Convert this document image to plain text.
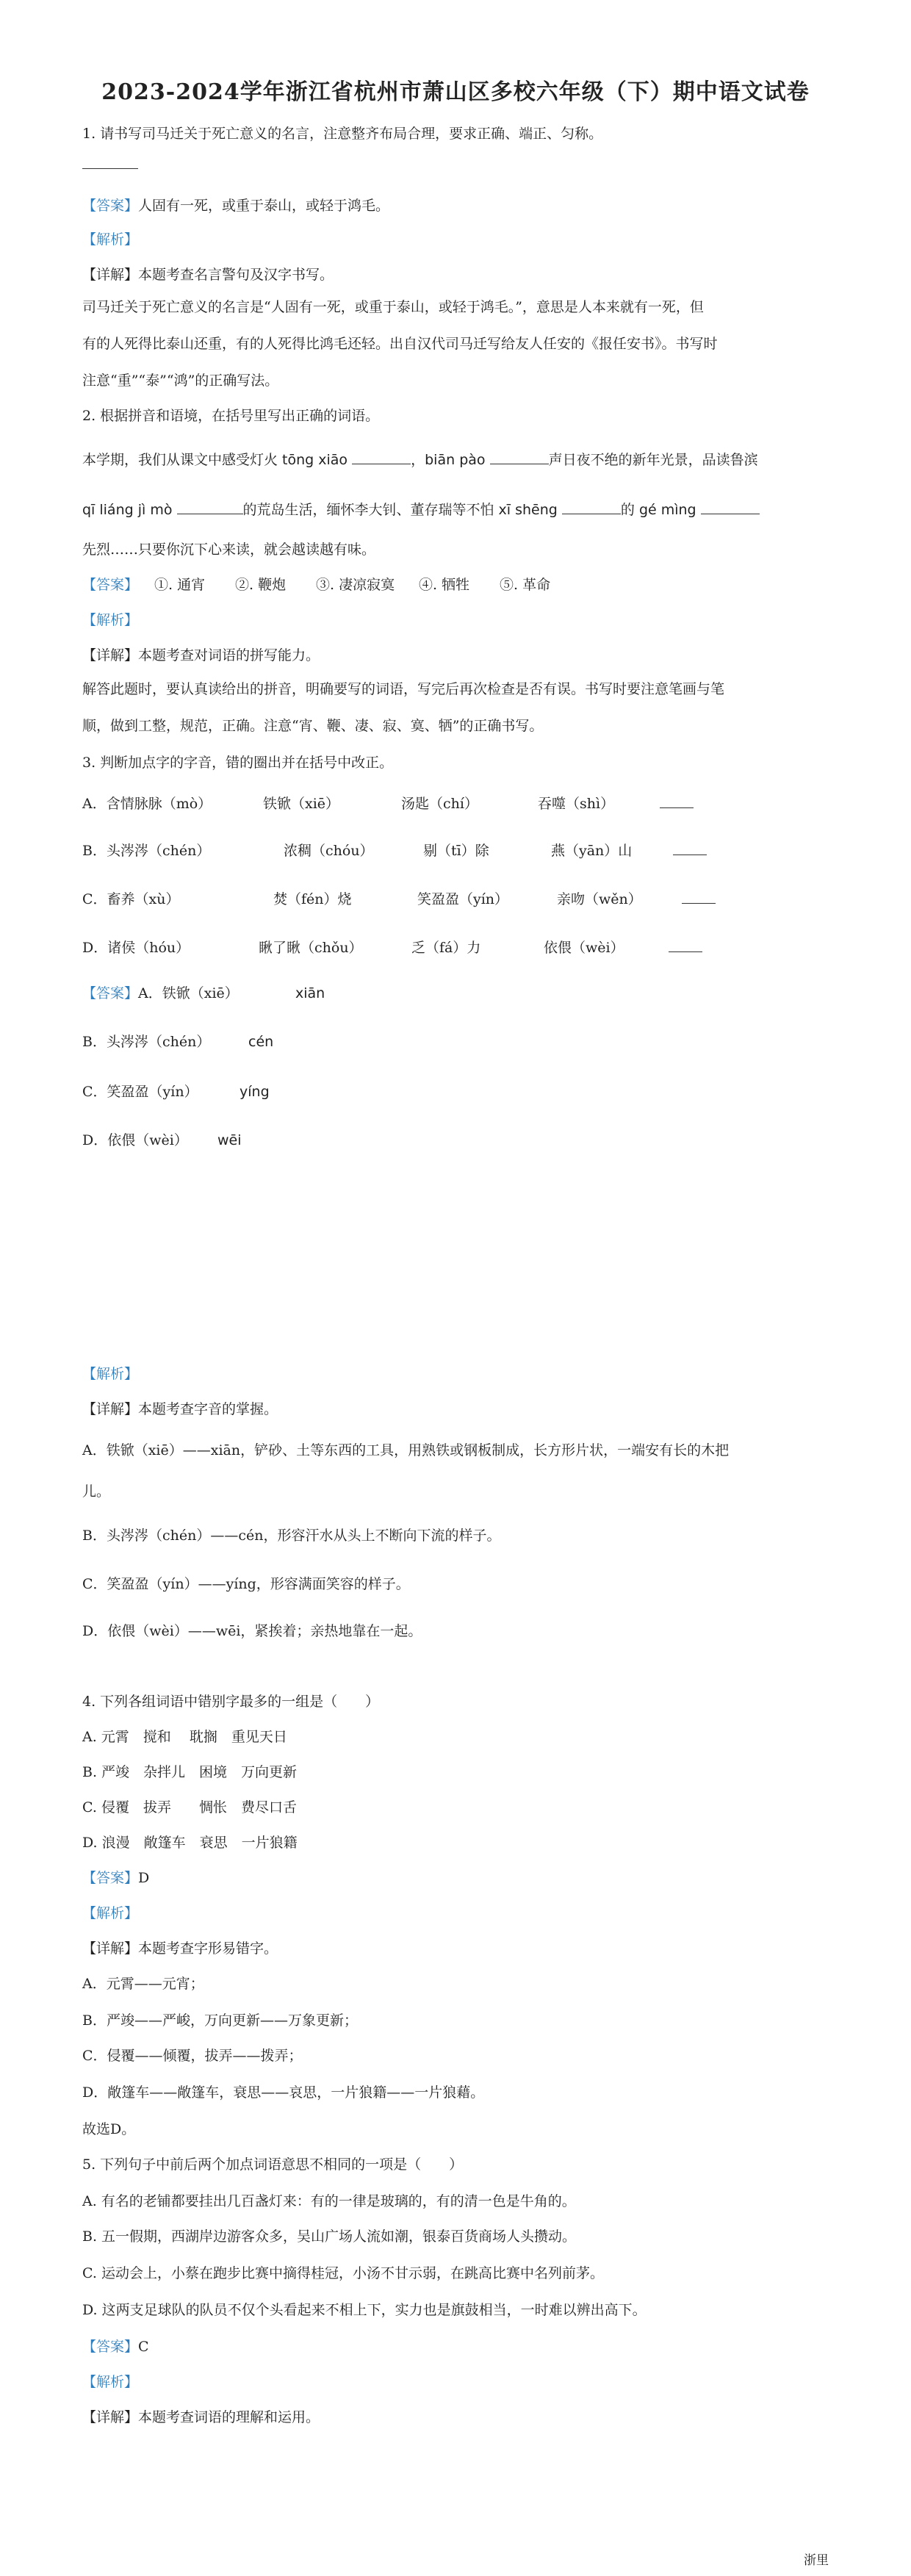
2023-2024学年浙江省杭州市萧山区多校六年级（下）期中语文试卷
1. 请书写司马迁关于死亡意义的名言，注意整齐布局合理，要求正确、端正、匀称。
【答案】人固有一死，或重于泰山，或轻于鸿毛。
【解析】
【详解】本题考查名言警句及汉字书写。
司马迁关于死亡意义的名言是“人固有一死，或重于泰山，或轻于鸿毛。”，意思是人本来就有一死，但
有的人死得比泰山还重，有的人死得比鸿毛还轻。出自汉代司马迁写给友人任安的《报任安书》。书写时
注意“重”“泰”“鸿”的正确写法。
2. 根据拼音和语境，在括号里写出正确的词语。
本学期，我们从课文中感受灯火 tōng xiāo	，biān pào	声日夜不绝的新年光景，品读鲁滨
qī liáng jì mò	的荒岛生活，缅怀李大钊、董存瑞等不怕 xī shēng	的 gé mìng
先烈……只要你沉下心来读，就会越读越有味。
【答案】 ①. 通宵 ②. 鞭炮 ③. 凄凉寂寞 ④. 牺牲 ⑤. 革命
【解析】
【详解】本题考查对词语的拼写能力。
解答此题时，要认真读给出的拼音，明确要写的词语，写完后再次检查是否有误。书写时要注意笔画与笔
顺，做到工整，规范，正确。注意“宵、鞭、凄、寂、寞、牺”的正确书写。
3. 判断加点字的字音，错的圈出并在括号中改正。
A．含情脉脉（mò）	铁锨（xiē）	汤匙（chí）	吞噬（shì）
B．头涔涔（chén）	浓稠（chóu）	剔（tī）除	燕（yān）山
C．畜养（xù）	焚（fén）烧	笑盈盈（yín）	亲吻（wěn）
D．诸侯（hóu）	瞅了瞅（chǒu）	乏（fá）力	依偎（wèi）
【答案】A．铁锨（xiē）	xiān
B．头涔涔（chén）	cén
C．笑盈盈（yín）	yíng
D．依偎（wèi） wēi
【解析】
【详解】本题考查字音的掌握。
A．铁锨（xiē）——xiān，铲砂、土等东西的工具，用熟铁或钢板制成，长方形片状，一端安有长的木把
儿。
B．头涔涔（chén）——cén，形容汗水从头上不断向下流的样子。
C．笑盈盈（yín）——yíng，形容满面笑容的样子。
D．依偎（wèi）——wēi，紧挨着；亲热地靠在一起。
4. 下列各组词语中错别字最多的一组是（　　）
A. 元霄　搅和　 耽搁　重见天日
B. 严竣　杂拌儿　困境　万向更新
C. 侵覆　拔弄　　惆怅　费尽口舌
D. 浪漫　敞篷车　衰思　一片狼籍
【答案】D
【解析】
【详解】本题考查字形易错字。
A．元霄——元宵；
B．严竣——严峻，万向更新——万象更新；
C．侵覆——倾覆，拔弄——拨弄；
D．敞篷车——敞篷车，衰思——哀思，一片狼籍——一片狼藉。
故选D。
5. 下列句子中前后两个加点词语意思不相同的一项是（　　）
A. 有名的老铺都要挂出几百盏灯来：有的一律是玻璃的，有的清一色是牛角的。
B. 五一假期，西湖岸边游客众多，吴山广场人流如潮，银泰百货商场人头攒动。
C. 运动会上，小蔡在跑步比赛中摘得桂冠，小汤不甘示弱，在跳高比赛中名列前茅。
D. 这两支足球队的队员不仅个头看起来不相上下，实力也是旗鼓相当，一时难以辨出高下。
【答案】C
【解析】
【详解】本题考查词语的理解和运用。
浙里
